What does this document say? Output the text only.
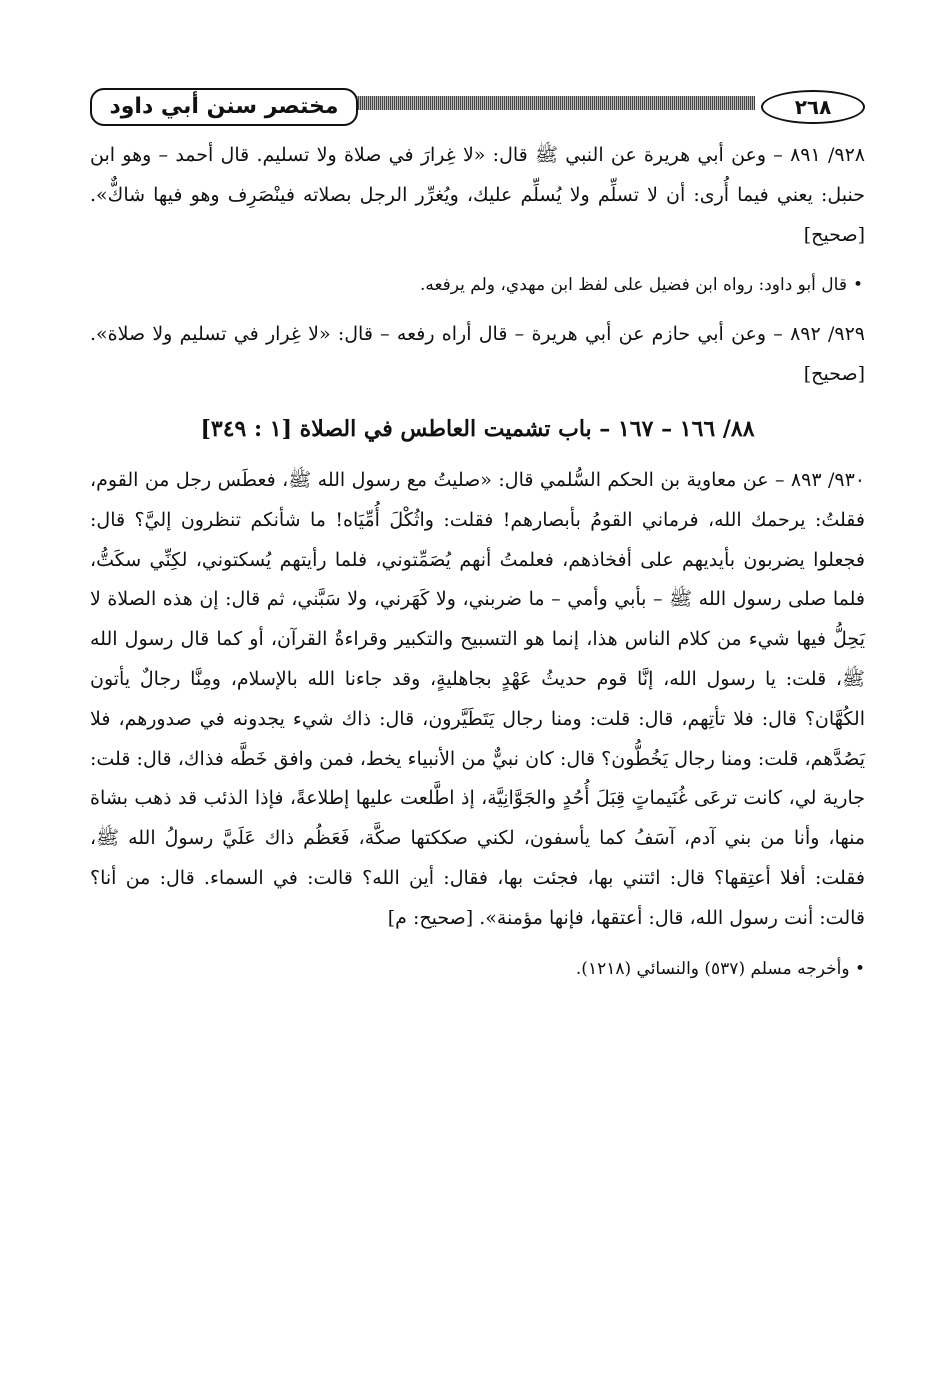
مختصر سنن أبي داود	٢٦٨

٩٢٨/ ٨٩١ – وعن أبي هريرة عن النبي ﷺ قال: «لا غِرارَ في صلاة ولا تسليم. قال أحمد – وهو ابن حنبل: يعني فيما أُرى: أن لا تسلِّم ولا يُسلِّم عليك، ويُغرِّر الرجل بصلاته فينْصَرِف وهو فيها شاكٌّ». [صحيح]

•قال أبو داود: رواه ابن فضيل على لفظ ابن مهدي، ولم يرفعه.

٩٢٩/ ٨٩٢ – وعن أبي حازم عن أبي هريرة – قال أراه رفعه – قال: «لا غِرار في تسليم ولا صلاة». [صحيح]

٨٨/ ١٦٦ – ١٦٧ – باب تشميت العاطس في الصلاة [١ : ٣٤٩]

٩٣٠/ ٨٩٣ – عن معاوية بن الحكم السُّلمي قال: «صليتُ مع رسول الله ﷺ، فعطَس رجل من القوم، فقلتُ: يرحمك الله، فرماني القومُ بأبصارهم! فقلت: واثُكْلَ أُمِّيَاه! ما شأنكم تنظرون إليَّ؟ قال: فجعلوا يضربون بأيديهم على أفخاذهم، فعلمتُ أنهم يُصَمِّتوني، فلما رأيتهم يُسكتوني، لكِنِّي سكَتُّ، فلما صلى رسول الله ﷺ – بأبي وأمي – ما ضربني، ولا كَهَرني، ولا سَبَّني، ثم قال: إن هذه الصلاة لا يَحِلُّ فيها شيء من كلام الناس هذا، إنما هو التسبيح والتكبير وقراءةُ القرآن، أو كما قال رسول الله ﷺ، قلت: يا رسول الله، إنَّا قوم حديثُ عَهْدٍ بجاهليةٍ، وقد جاءنا الله بالإسلام، ومِنَّا رجالٌ يأتون الكُهَّان؟ قال: فلا تأتِهم، قال: قلت: ومنا رجال يَتَطَيَّرون، قال: ذاك شيء يجدونه في صدورهم، فلا يَصُدَّهم، قلت: ومنا رجال يَخُطُّون؟ قال: كان نبيٌّ من الأنبياء يخط، فمن وافق خَطَّه فذاك، قال: قلت: جارية لي، كانت ترعَى غُنَيماتٍ قِبَلَ أُحُدٍ والجَوَّانِيَّة، إذ اطَّلعت عليها إطلاعةً، فإذا الذئب قد ذهب بشاة منها، وأنا من بني آدم، آسَفُ كما يأسفون، لكني صككتها صكَّة، فَعَظُم ذاك عَلَيَّ رسولُ الله ﷺ، فقلت: أفلا أعتِقها؟ قال: ائتني بها، فجئت بها، فقال: أين الله؟ قالت: في السماء. قال: من أنا؟ قالت: أنت رسول الله، قال: أعتقها، فإنها مؤمنة». [صحيح: م]

• وأخرجه مسلم (٥٣٧) والنسائي (١٢١٨).
